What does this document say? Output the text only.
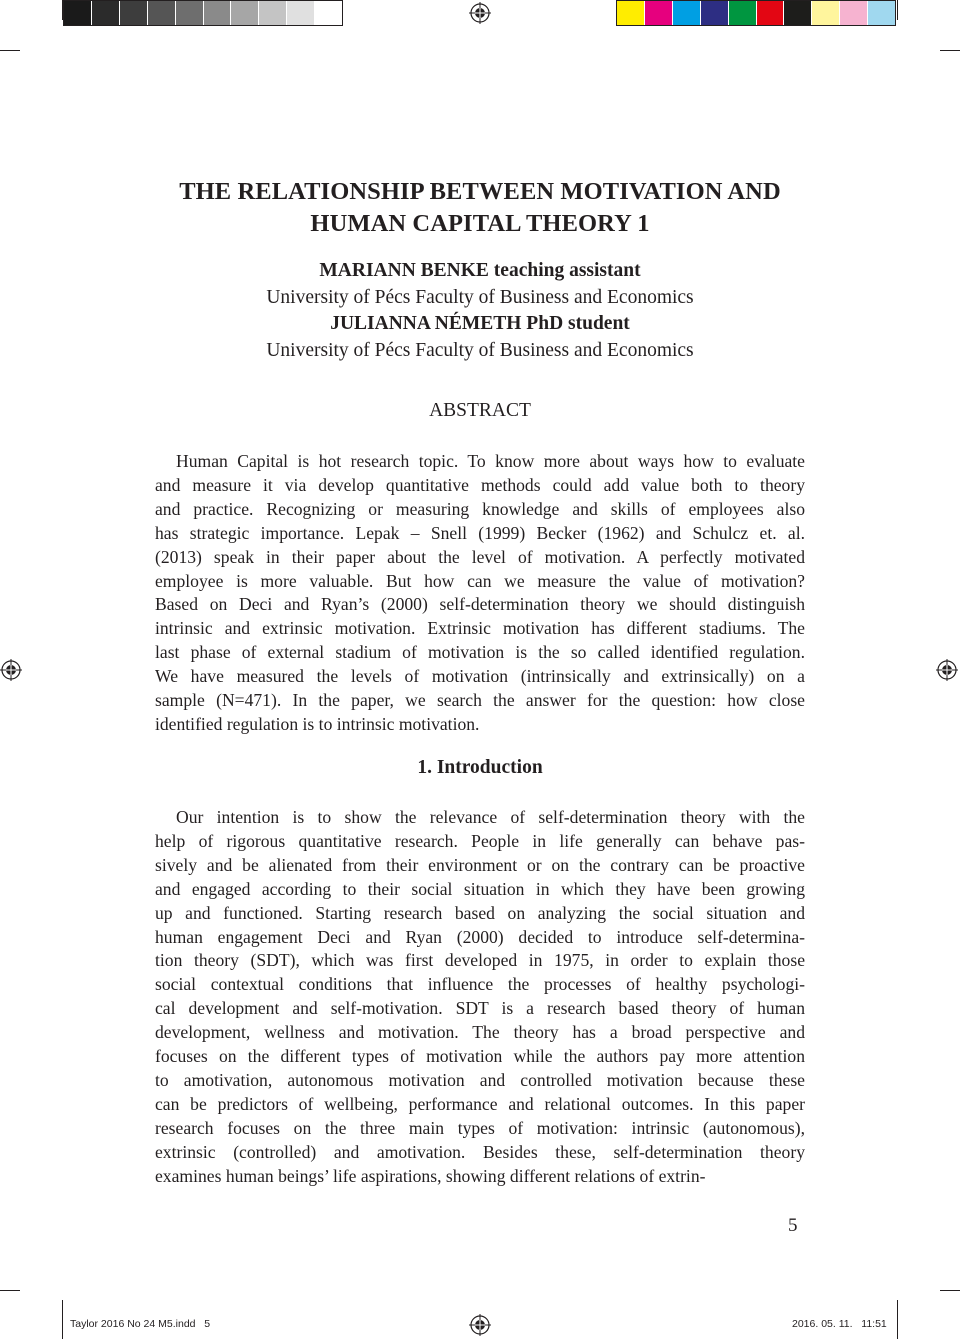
THE RELATIONSHIP BETWEEN MOTIVATION AND
HUMAN CAPITAL THEORY 1
MARIANN BENKE teaching assistant
University of Pécs Faculty of Business and Economics
JULIANNA NÉMETH PhD student
University of Pécs Faculty of Business and Economics
ABSTRACT
Human Capital is hot research topic. To know more about ways how to evaluate
and measure it via develop quantitative methods could add value both to theory
and practice. Recognizing or measuring knowledge and skills of employees also
has strategic importance. Lepak – Snell (1999) Becker (1962) and Schulcz et. al.
(2013) speak in their paper about the level of motivation. A perfectly motivated
employee is more valuable. But how can we measure the value of motivation?
Based on Deci and Ryan’s (2000) self-determination theory we should distinguish
intrinsic and extrinsic motivation. Extrinsic motivation has different stadiums. The
last phase of external stadium of motivation is the so called identified regulation.
We have measured the levels of motivation (intrinsically and extrinsically) on a
sample (N=471). In the paper, we search the answer for the question: how close
identified regulation is to intrinsic motivation.
1. Introduction
Our intention is to show the relevance of self-determination theory with the
help of rigorous quantitative research. People in life generally can behave pas-
sively and be alienated from their environment or on the contrary can be proactive
and engaged according to their social situation in which they have been growing
up and functioned. Starting research based on analyzing the social situation and
human engagement Deci and Ryan (2000) decided to introduce self-determina-
tion theory (SDT), which was first developed in 1975, in order to explain those
social contextual conditions that influence the processes of healthy psychologi-
cal development and self-motivation. SDT is a research based theory of human
development, wellness and motivation. The theory has a broad perspective and
focuses on the different types of motivation while the authors pay more attention
to amotivation, autonomous motivation and controlled motivation because these
can be predictors of wellbeing, performance and relational outcomes. In this paper
research focuses on the three main types of motivation: intrinsic (autonomous),
extrinsic (controlled) and amotivation. Besides these, self-determination theory
examines human beings’ life aspirations, showing different relations of extrin-
5
Taylor 2016 No 24 M5.indd   5	2016. 05. 11.   11:51
